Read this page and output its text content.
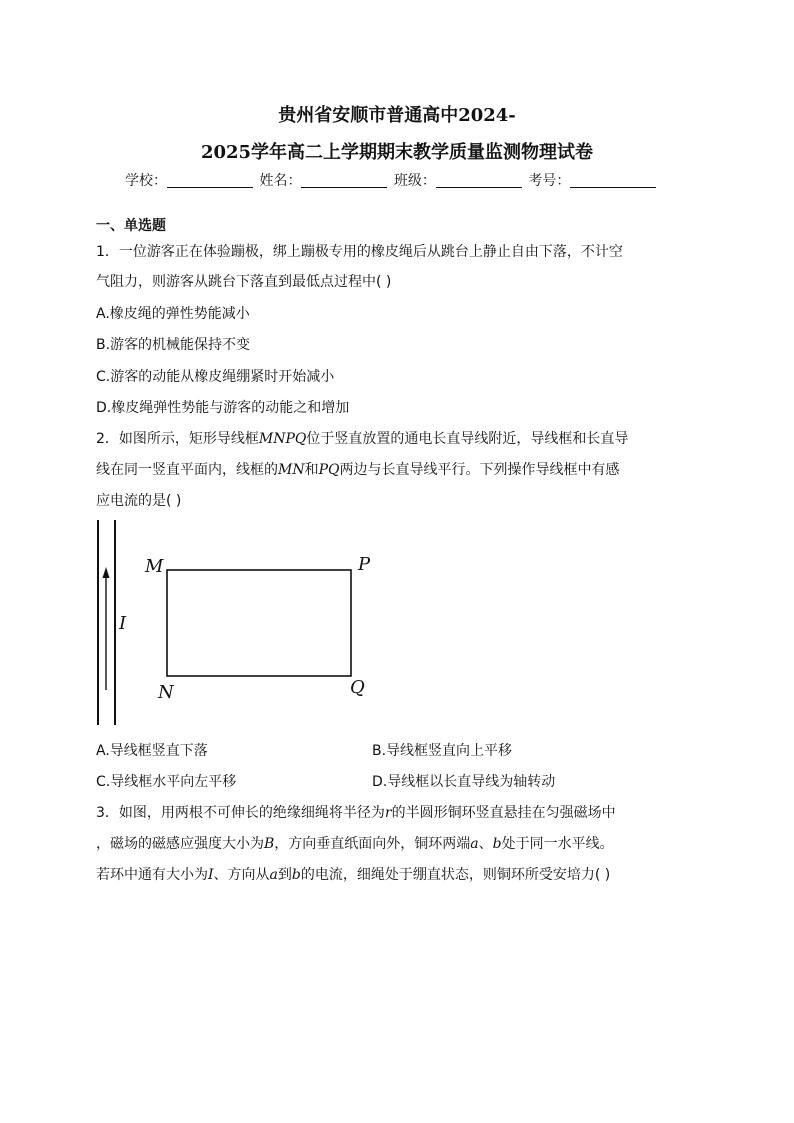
贵州省安顺市普通高中2024-
2025学年高二上学期期末教学质量监测物理试卷
学校：	姓名：	班级：	考号：
一、单选题
1．一位游客正在体验蹦极，绑上蹦极专用的橡皮绳后从跳台上静止自由下落，不计空
气阻力，则游客从跳台下落直到最低点过程中( )
A.橡皮绳的弹性势能减小
B.游客的机械能保持不变
C.游客的动能从橡皮绳绷紧时开始减小
D.橡皮绳弹性势能与游客的动能之和增加
2．如图所示，矩形导线框MNPQ位于竖直放置的通电长直导线附近，导线框和长直导
线在同一竖直平面内，线框的MN和PQ两边与长直导线平行。下列操作导线框中有感
应电流的是( )
M	P
N	Q
I
A.导线框竖直下落	B.导线框竖直向上平移
C.导线框水平向左平移	D.导线框以长直导线为轴转动
3．如图，用两根不可伸长的绝缘细绳将半径为r的半圆形铜环竖直悬挂在匀强磁场中
，磁场的磁感应强度大小为B，方向垂直纸面向外，铜环两端a、b处于同一水平线。
若环中通有大小为I、方向从a到b的电流，细绳处于绷直状态，则铜环所受安培力( )
